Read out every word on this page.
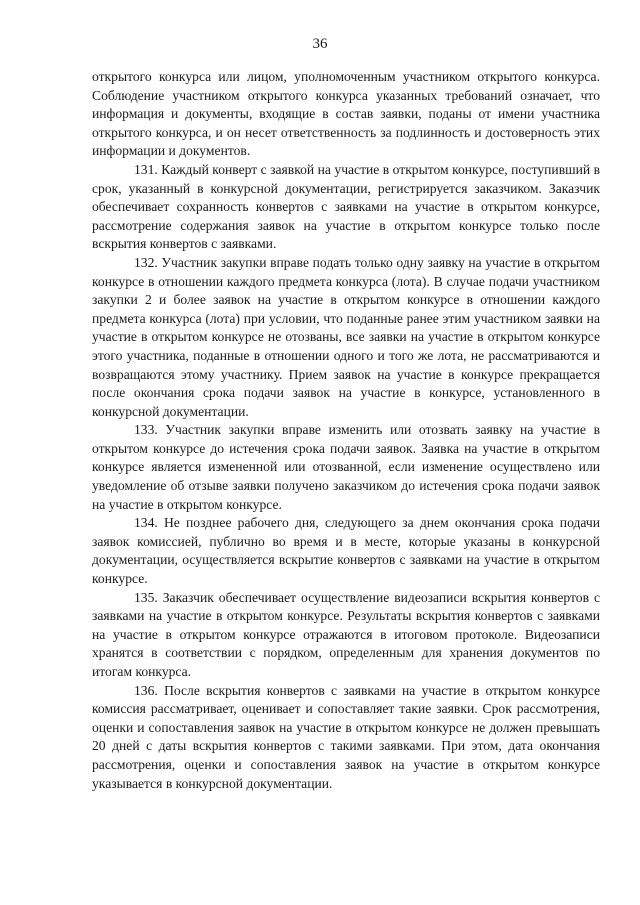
36

открытого конкурса или лицом, уполномоченным участником открытого конкурса. Соблюдение участником открытого конкурса указанных требований означает, что информация и документы, входящие в состав заявки, поданы от имени участника открытого конкурса, и он несет ответственность за подлинность и достоверность этих информации и документов.

131. Каждый конверт с заявкой на участие в открытом конкурсе, поступивший в срок, указанный в конкурсной документации, регистрируется заказчиком. Заказчик обеспечивает сохранность конвертов с заявками на участие в открытом конкурсе, рассмотрение содержания заявок на участие в открытом конкурсе только после вскрытия конвертов с заявками.

132. Участник закупки вправе подать только одну заявку на участие в открытом конкурсе в отношении каждого предмета конкурса (лота). В случае подачи участником закупки 2 и более заявок на участие в открытом конкурсе в отношении каждого предмета конкурса (лота) при условии, что поданные ранее этим участником заявки на участие в открытом конкурсе не отозваны, все заявки на участие в открытом конкурсе этого участника, поданные в отношении одного и того же лота, не рассматриваются и возвращаются этому участнику. Прием заявок на участие в конкурсе прекращается после окончания срока подачи заявок на участие в конкурсе, установленного в конкурсной документации.

133. Участник закупки вправе изменить или отозвать заявку на участие в открытом конкурсе до истечения срока подачи заявок. Заявка на участие в открытом конкурсе является измененной или отозванной, если изменение осуществлено или уведомление об отзыве заявки получено заказчиком до истечения срока подачи заявок на участие в открытом конкурсе.

134. Не позднее рабочего дня, следующего за днем окончания срока подачи заявок комиссией, публично во время и в месте, которые указаны в конкурсной документации, осуществляется вскрытие конвертов с заявками на участие в открытом конкурсе.

135. Заказчик обеспечивает осуществление видеозаписи вскрытия конвертов с заявками на участие в открытом конкурсе. Результаты вскрытия конвертов с заявками на участие в открытом конкурсе отражаются в итоговом протоколе. Видеозаписи хранятся в соответствии с порядком, определенным для хранения документов по итогам конкурса.

136. После вскрытия конвертов с заявками на участие в открытом конкурсе комиссия рассматривает, оценивает и сопоставляет такие заявки. Срок рассмотрения, оценки и сопоставления заявок на участие в открытом конкурсе не должен превышать 20 дней с даты вскрытия конвертов с такими заявками. При этом, дата окончания рассмотрения, оценки и сопоставления заявок на участие в открытом конкурсе указывается в конкурсной документации.
